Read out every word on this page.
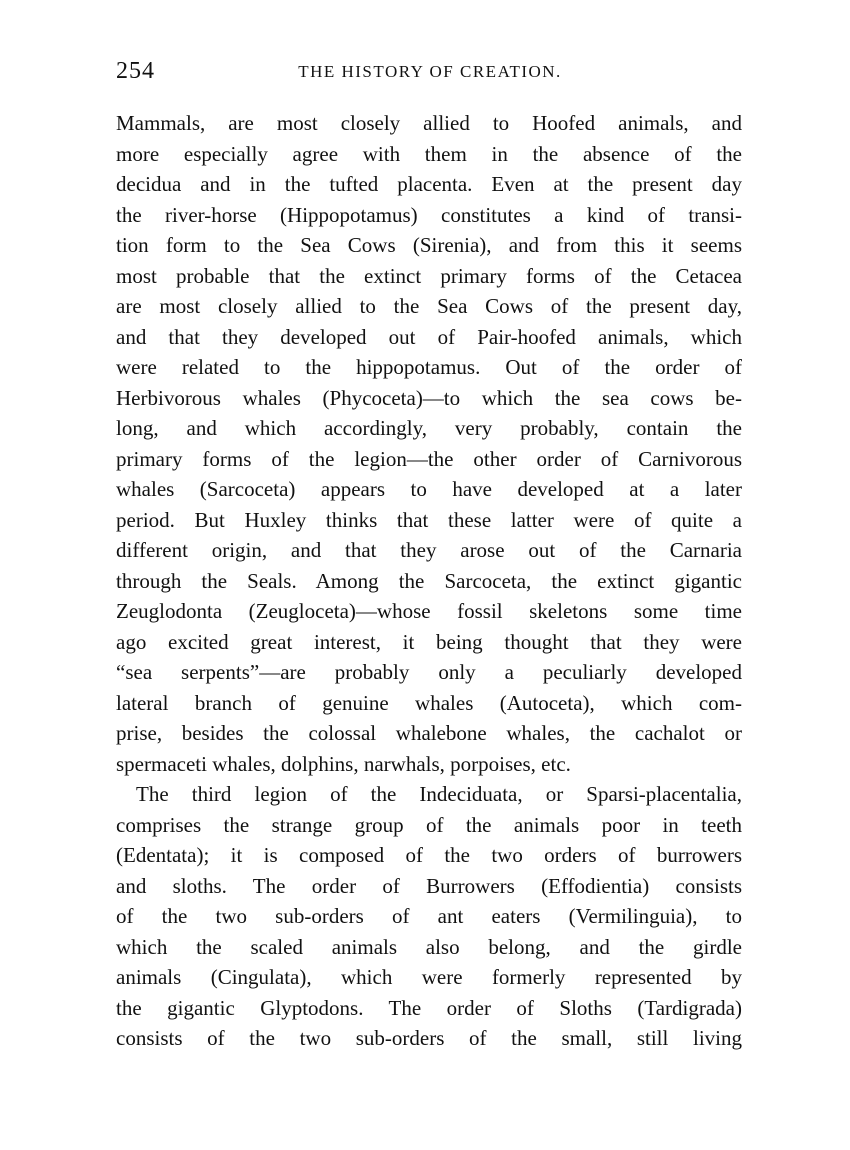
254	THE HISTORY OF CREATION.
Mammals, are most closely allied to Hoofed animals, and
more especially agree with them in the absence of the
decidua and in the tufted placenta. Even at the present day
the river-horse (Hippopotamus) constitutes a kind of transi-
tion form to the Sea Cows (Sirenia), and from this it seems
most probable that the extinct primary forms of the Cetacea
are most closely allied to the Sea Cows of the present day,
and that they developed out of Pair-hoofed animals, which
were related to the hippopotamus. Out of the order of
Herbivorous whales (Phycoceta)—to which the sea cows be-
long, and which accordingly, very probably, contain the
primary forms of the legion—the other order of Carnivorous
whales (Sarcoceta) appears to have developed at a later
period. But Huxley thinks that these latter were of quite a
different origin, and that they arose out of the Carnaria
through the Seals. Among the Sarcoceta, the extinct gigantic
Zeuglodonta (Zeugloceta)—whose fossil skeletons some time
ago excited great interest, it being thought that they were
“sea serpents”—are probably only a peculiarly developed
lateral branch of genuine whales (Autoceta), which com-
prise, besides the colossal whalebone whales, the cachalot or
spermaceti whales, dolphins, narwhals, porpoises, etc.
The third legion of the Indeciduata, or Sparsi-placentalia,
comprises the strange group of the animals poor in teeth
(Edentata); it is composed of the two orders of burrowers
and sloths. The order of Burrowers (Effodientia) consists
of the two sub-orders of ant eaters (Vermilinguia), to
which the scaled animals also belong, and the girdle
animals (Cingulata), which were formerly represented by
the gigantic Glyptodons. The order of Sloths (Tardigrada)
consists of the two sub-orders of the small, still living
